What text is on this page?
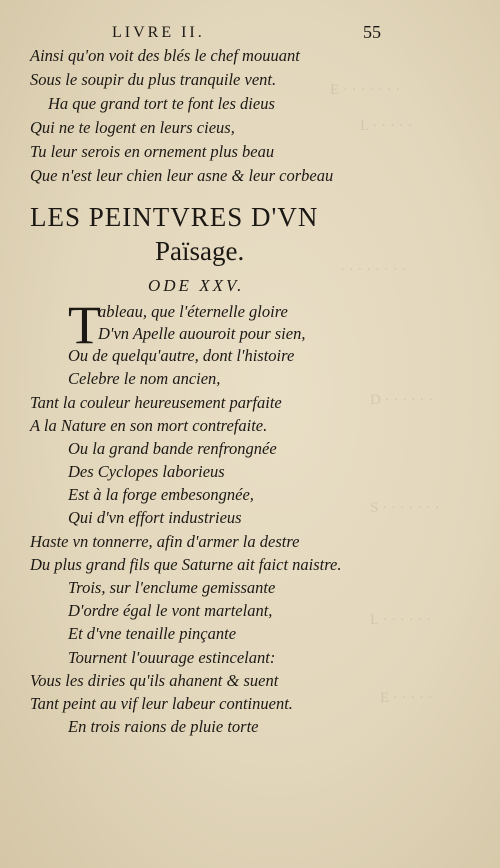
E · · · · · · ·
L · · · · ·
· · · · · · · ·
D · · · · · ·
S · · · · · · ·
L · · · · · ·
E · · · · ·
LIVRE II.	55
Ainsi qu'on voit des blés le chef mouuant
Sous le soupir du plus tranquile vent.
Ha que grand tort te font les dieus
Qui ne te logent en leurs cieus,
Tu leur serois en ornement plus beau
Que n'est leur chien leur asne & leur corbeau
LES PEINTVRES D'VN
Païsage.
ODE XXV.
T
ableau, que l'éternelle gloire
D'vn Apelle auouroit pour sien,
Ou de quelqu'autre, dont l'histoire
Celebre le nom ancien,
Tant la couleur heureusement parfaite
A la Nature en son mort contrefaite.
Ou la grand bande renfrongnée
Des Cyclopes laborieus
Est à la forge embesongnée,
Qui d'vn effort industrieus
Haste vn tonnerre, afin d'armer la destre
Du plus grand fils que Saturne ait faict naistre.
Trois, sur l'enclume gemissante
D'ordre égal le vont martelant,
Et d'vne tenaille pinçante
Tournent l'ouurage estincelant:
Vous les diries qu'ils ahanent & suent
Tant peint au vif leur labeur continuent.
En trois raions de pluie torte
